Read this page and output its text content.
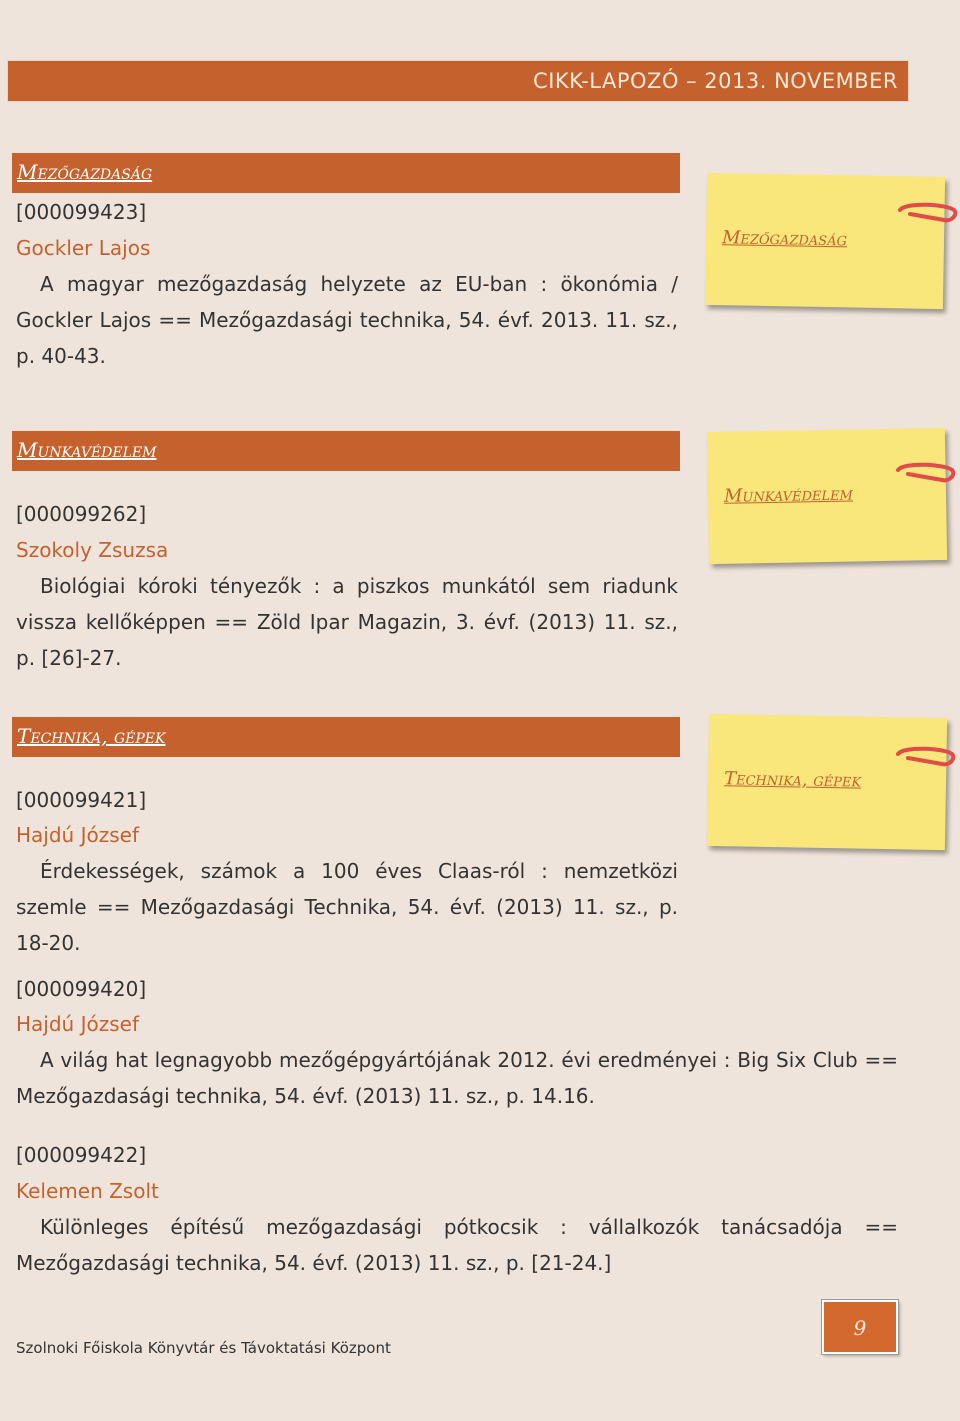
CIKK-LAPOZÓ – 2013. NOVEMBER
Mezőgazdaság
[000099423]
Gockler Lajos
A magyar mezőgazdaság helyzete az EU-ban : ökonómia / Gockler Lajos == Mezőgazdasági technika, 54. évf. 2013. 11. sz., p. 40-43.
Mezőgazdaság
Munkavédelem
[000099262]
Szokoly Zsuzsa
Biológiai kóroki tényezők : a piszkos munkától sem riadunk vissza kellőképpen == Zöld Ipar Magazin, 3. évf. (2013) 11. sz., p. [26]-27.
Munkavédelem
Technika, gépek
[000099421]
Hajdú József
Érdekességek, számok a 100 éves Claas-ról : nemzetközi szemle == Mezőgazdasági Technika, 54. évf. (2013) 11. sz., p. 18-20.
Technika, gépek
[000099420]
Hajdú József
A világ hat legnagyobb mezőgépgyártójának 2012. évi eredményei : Big Six Club == Mezőgazdasági technika, 54. évf. (2013) 11. sz., p. 14.16.
[000099422]
Kelemen Zsolt
Különleges építésű mezőgazdasági pótkocsik : vállalkozók tanácsadója == Mezőgazdasági technika, 54. évf. (2013) 11. sz., p. [21-24.]
Szolnoki Főiskola Könyvtár és Távoktatási Központ
9
